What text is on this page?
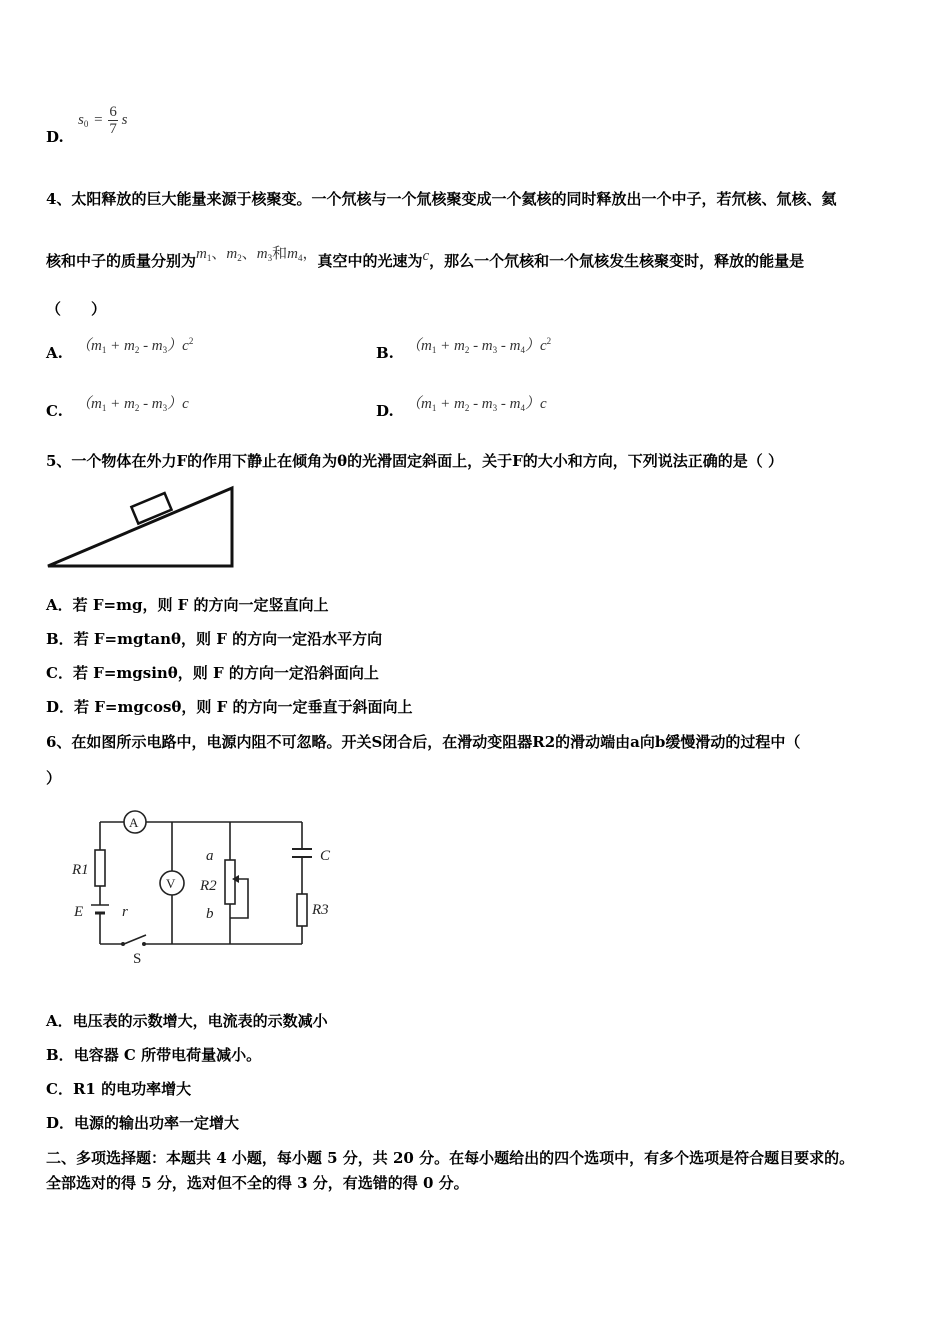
D.
$s_0 = \frac{6}{7}$ s
4、太阳释放的巨大能量来源于核聚变。一个氘核与一个氚核聚变成一个氦核的同时释放出一个中子，若氘核、氚核、氦
核和中子的质量分别为$m_1$、$m_2$、$m_3$和$m_4$，真空中的光速为c，那么一个氘核和一个氚核发生核聚变时，释放的能量是
（　　）
A. $(m_1 + m_2 - m_3)c^2$
B. $(m_1 + m_2 - m_3 - m_4)c^2$
C. $(m_1 + m_2 - m_3)c$	D. $(m_1 + m_2 - m_3 - m_4)c$
5、一个物体在外力F的作用下静止在倾角为θ的光滑固定斜面上，关于F的大小和方向，下列说法正确的是（ ）
A．若 F=mg，则 F 的方向一定竖直向上
B．若 F=mgtanθ，则 F 的方向一定沿水平方向
C．若 F=mgsinθ，则 F 的方向一定沿斜面向上
D．若 F=mgcosθ，则 F 的方向一定垂直于斜面向上
6、在如图所示电路中，电源内阻不可忽略。开关S闭合后，在滑动变阻器R2的滑动端由a向b缓慢滑动的过程中（
）
A
V
R1
E	r
S
a
R2
b
C
R3
A．电压表的示数增大，电流表的示数减小
B．电容器 C 所带电荷量减小。
C．R1 的电功率增大
D．电源的输出功率一定增大
二、多项选择题：本题共 4 小题，每小题 5 分，共 20 分。在每小题给出的四个选项中，有多个选项是符合题目要求的。
全部选对的得 5 分，选对但不全的得 3 分，有选错的得 0 分。
